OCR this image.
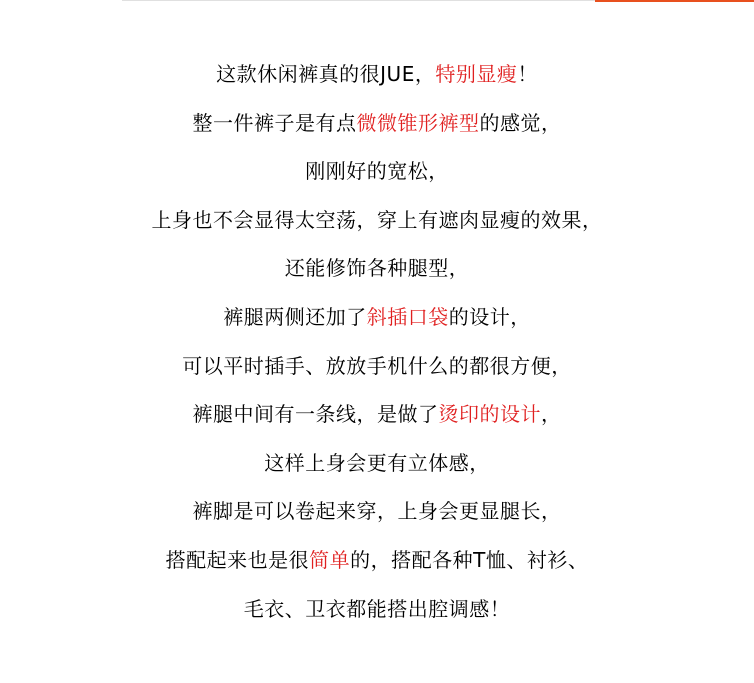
这款休闲裤真的很JUE，特别显瘦！
整一件裤子是有点微微锥形裤型的感觉，
刚刚好的宽松，
上身也不会显得太空荡，穿上有遮肉显瘦的效果，
还能修饰各种腿型，
裤腿两侧还加了斜插口袋的设计，
可以平时插手、放放手机什么的都很方便，
裤腿中间有一条线，是做了烫印的设计，
这样上身会更有立体感，
裤脚是可以卷起来穿，上身会更显腿长，
搭配起来也是很简单的，搭配各种T恤、衬衫、
毛衣、卫衣都能搭出腔调感！
